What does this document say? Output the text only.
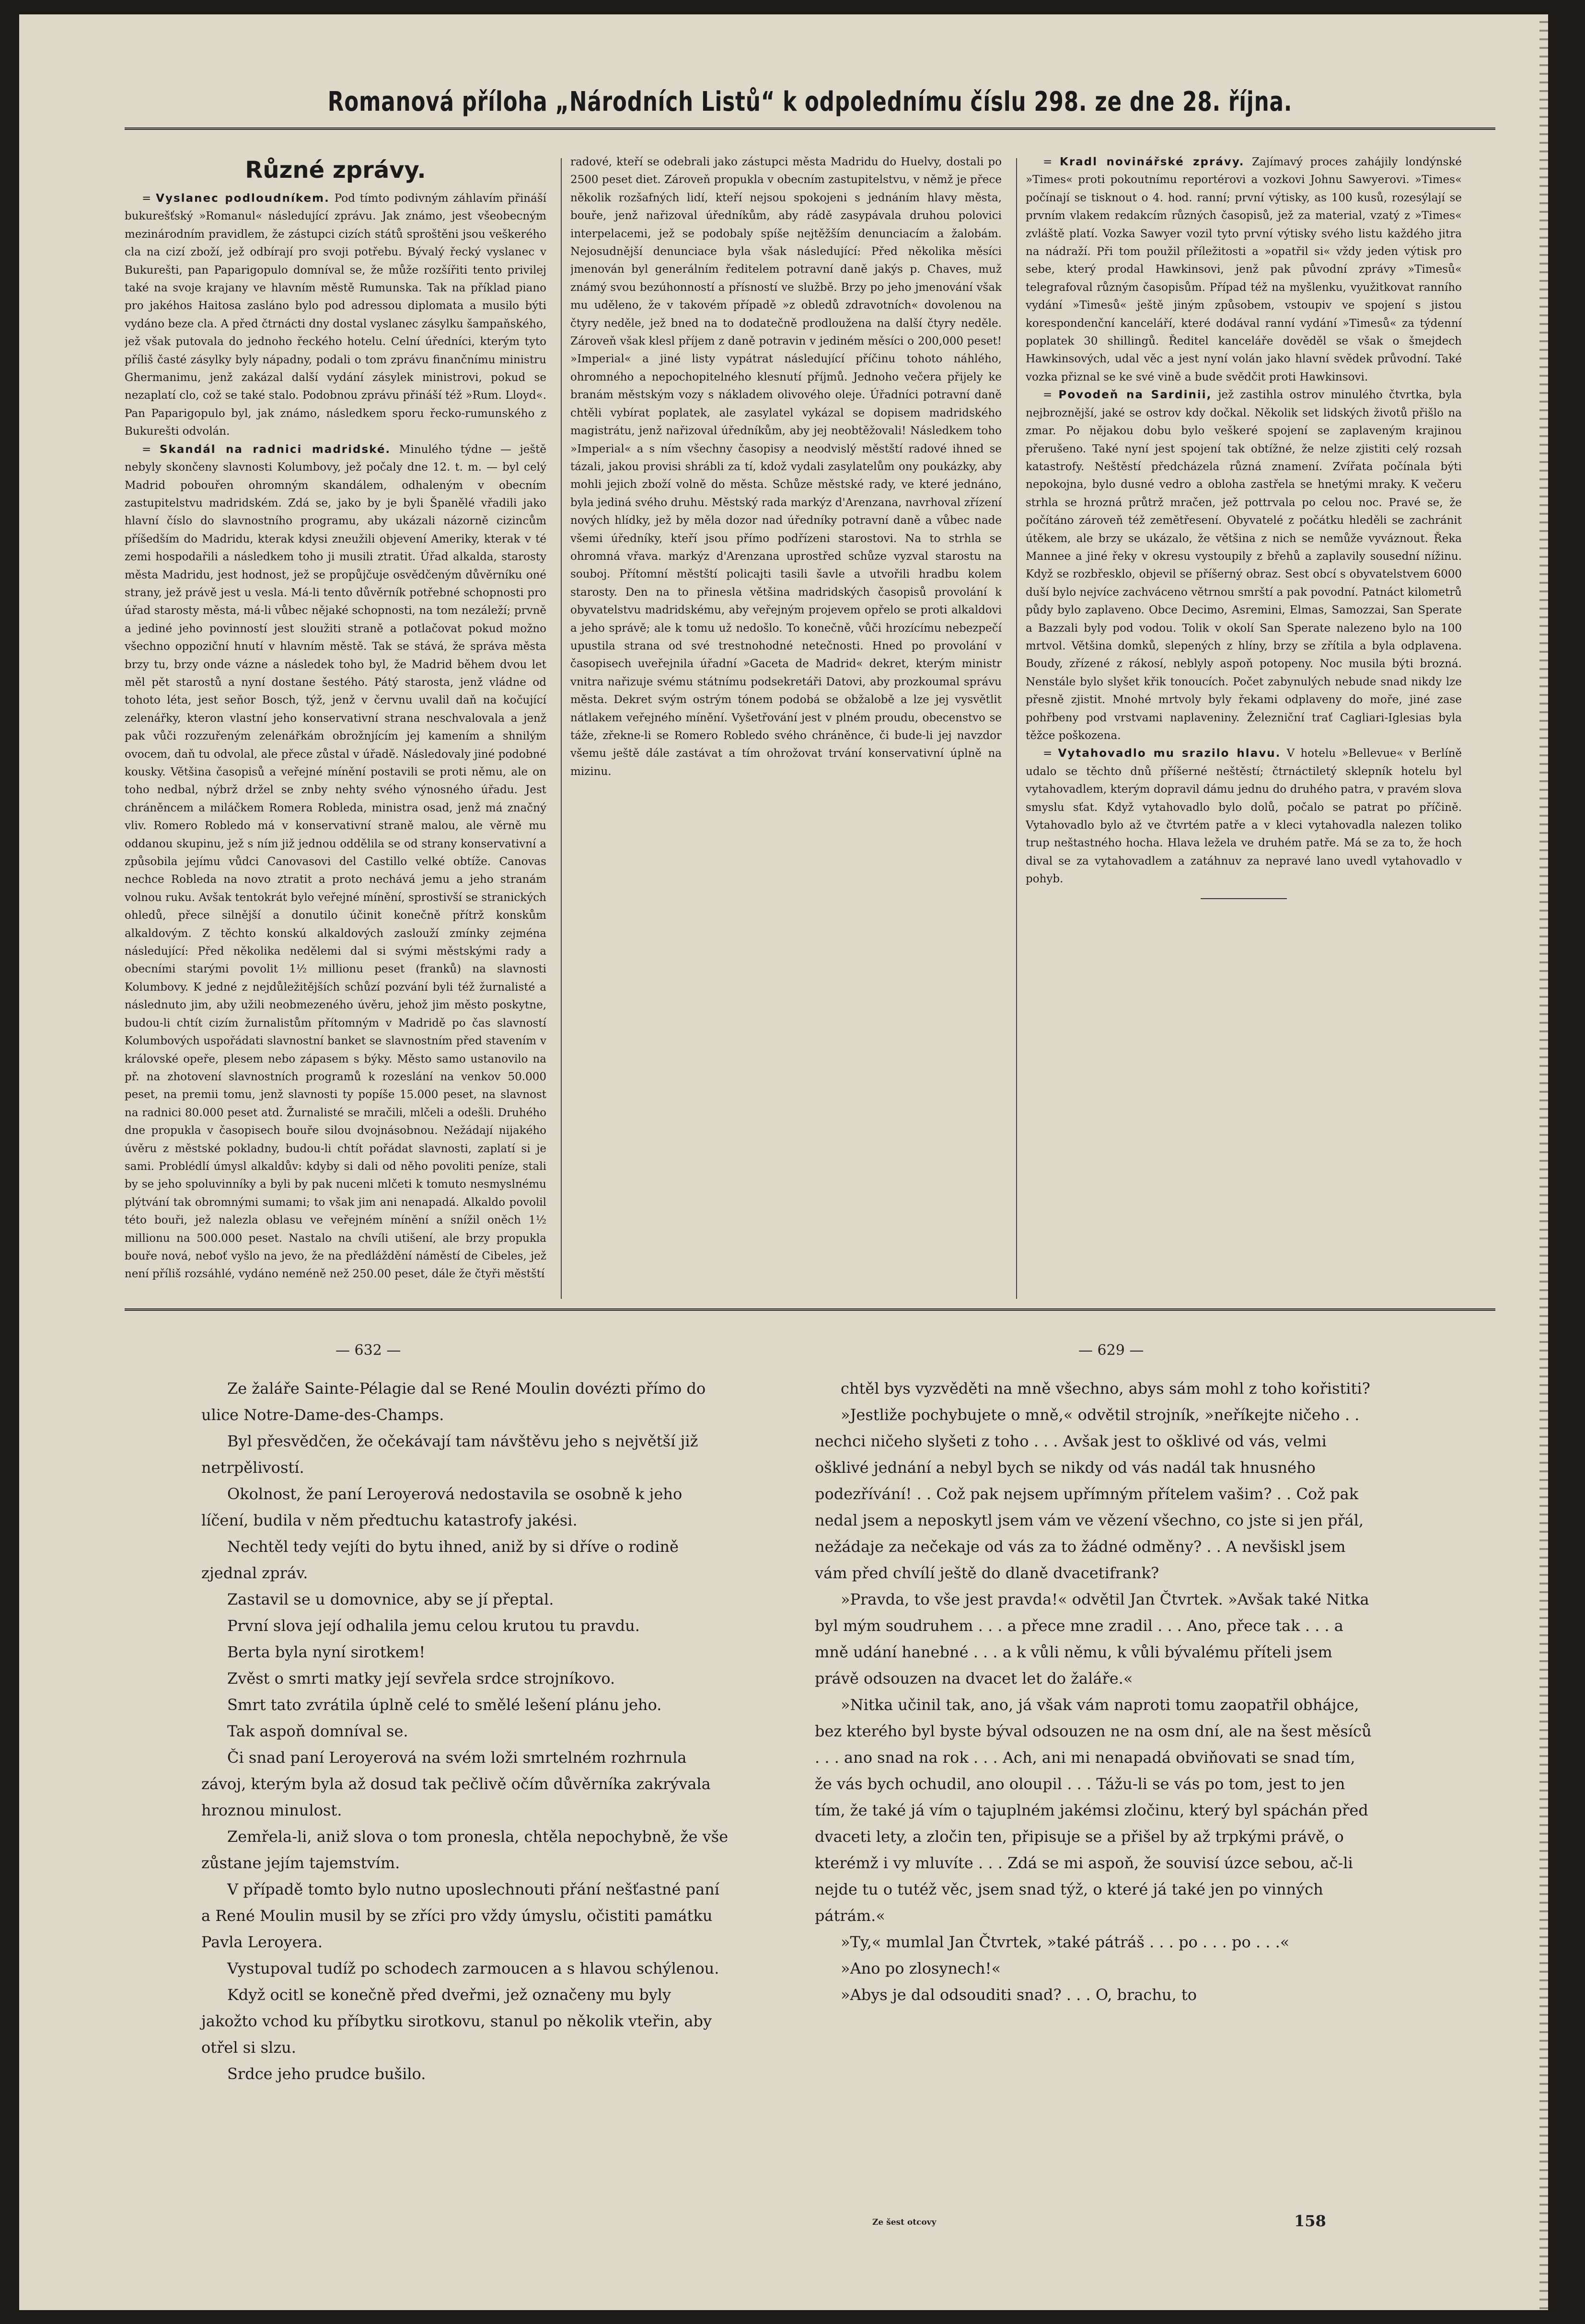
Romanová příloha „Národních Listů“ k odpolednímu číslu 298. ze dne 28. října.
Různé zprávy.

= Vyslanec podloudníkem. Pod tímto podivným záhlavím přináší bukurešťský »Romanul« následující zprávu. Jak známo, jest všeobecným mezinárodním pravidlem, že zástupci cizích států sproštěni jsou veškerého cla na cizí zboží, jež odbírají pro svoji potřebu. Bývalý řecký vyslanec v Bukurešti, pan Paparigopulo domníval se, že může rozšířiti tento privilej také na svoje krajany ve hlavním městě Rumunska. Tak na příklad piano pro jakéhos Haitosa zasláno bylo pod adressou diplomata a musilo býti vydáno beze cla. A před čtrnácti dny dostal vyslanec zásylku šampaňského, jež však putovala do jednoho řeckého hotelu. Celní úředníci, kterým tyto příliš časté zásylky byly nápadny, podali o tom zprávu finančnímu ministru Ghermanimu, jenž zakázal další vydání zásylek ministrovi, pokud se nezaplatí clo, což se také stalo. Podobnou zprávu přináší též »Rum. Lloyd«. Pan Paparigopulo byl, jak známo, následkem sporu řecko-rumunského z Bukurešti odvolán.

= Skandál na radnici madridské. Minulého týdne — ještě nebyly skončeny slavnosti Kolumbovy, jež počaly dne 12. t. m. — byl celý Madrid pobouřen ohromným skandálem, odhaleným v obecním zastupitelstvu madridském. Zdá se, jako by je byli Španělé vřadili jako hlavní číslo do slavnostního programu, aby ukázali názorně cizincům příšedším do Madridu, kterak kdysi zneužili objevení Ameriky, kterak v té zemi hospodařili a následkem toho ji musili ztratit. Úřad alkalda, starosty města Madridu, jest hodnost, jež se propůjčuje osvědčeným důvěrníku oné strany, jež právě jest u vesla. Má-li tento důvěrník potřebné schopnosti pro úřad starosty města, má-li vůbec nějaké schopnosti, na tom nezáleží; prvně a jediné jeho povinností jest sloužiti straně a potlačovat pokud možno všechno oppoziční hnutí v hlavním městě. Tak se stává, že správa města brzy tu, brzy onde vázne a následek toho byl, že Madrid během dvou let měl pět starostů a nyní dostane šestého. Pátý starosta, jenž vládne od tohoto léta, jest seňor Bosch, týž, jenž v červnu uvalil daň na kočující zelenářky, kteron vlastní jeho konservativní strana neschvalovala a jenž pak vůči rozzuřeným zelenářkám obrožnjícím jej kamením a shnilým ovocem, daň tu odvolal, ale přece zůstal v úřadě. Následovaly jiné podobné kousky. Většina časopisů a veřejné mínění postavili se proti němu, ale on toho nedbal, nýbrž držel se znby nehty svého výnosného úřadu. Jest chráněncem a miláčkem Romera Robleda, ministra osad, jenž má značný vliv. Romero Robledo má v konservativní straně malou, ale věrně mu oddanou skupinu, jež s ním již jednou oddělila se od strany konservativní a způsobila jejímu vůdci Canovasovi del Castillo velké obtíže. Canovas nechce Robleda na novo ztratit a proto nechává jemu a jeho stranám volnou ruku. Avšak tentokrát bylo veřejné mínění, sprostivší se stranických ohledů, přece silnější a donutilo účinit konečně přítrž konskům alkaldovým. Z těchto konskú alkaldových zaslouží zmínky zejména následující: Před několika nedělemi dal si svými městskými rady a obecními starými povolit 1½ millionu peset (franků) na slavnosti Kolumbovy. K jedné z nejdůležitějších schůzí pozvání byli též žurnalisté a následnuto jim, aby užili neobmezeného úvěru, jehož jim město poskytne, budou-li chtít cizím žurnalistům přítomným v Madridě po čas slavností Kolumbových uspořádati slavnostní banket se slavnostním před stavením v královské opeře, plesem nebo zápasem s býky. Město samo ustanovilo na př. na zhotovení slavnostních programů k rozeslání na venkov 50.000 peset, na premii tomu, jenž slavnosti ty popíše 15.000 peset, na slavnost na radnici 80.000 peset atd. Žurnalisté se mračili, mlčeli a odešli. Druhého dne propukla v časopisech bouře silou dvojnásobnou. Nežádají nijakého úvěru z městské pokladny, budou-li chtít pořádat slavnosti, zaplatí si je sami. Problédlí úmysl alkaldův: kdyby si dali od něho povoliti peníze, stali by se jeho spoluvinníky a byli by pak nuceni mlčeti k tomuto nesmyslnému plýtvání tak obromnými sumami; to však jim ani nenapadá. Alkaldo povolil této bouři, jež nalezla oblasu ve veřejném mínění a snížil oněch 1½ millionu na 500.000 peset. Nastalo na chvíli utišení, ale brzy propukla bouře nová, neboť vyšlo na jevo, že na předláždění náměstí de Cibeles, jež není příliš rozsáhlé, vydáno neméně než 250.00 peset, dále že čtyři městští

radové, kteří se odebrali jako zástupci města Madridu do Huelvy, dostali po 2500 peset diet. Zároveň propukla v obecním zastupitelstvu, v němž je přece několik rozšafných lidí, kteří nejsou spokojeni s jednáním hlavy města, bouře, jenž nařizoval úředníkům, aby rádě zasypávala druhou polovici interpelacemi, jež se podobaly spíše nejtěžším denunciacím a žalobám. Nejosudnější denunciace byla však následující: Před několika měsíci jmenován byl generálním ředitelem potravní daně jakýs p. Chaves, muž známý svou bezúhonností a přísností ve službě. Brzy po jeho jmenování však mu uděleno, že v takovém případě »z obledů zdravotních« dovolenou na čtyry neděle, jež bned na to dodatečně prodloužena na další čtyry neděle. Zároveň však klesl příjem z daně potravin v jediném měsíci o 200,000 peset! »Imperial« a jiné listy vypátrat následující příčinu tohoto náhlého, ohromného a nepochopitelného klesnutí příjmů. Jednoho večera přijely ke branám městským vozy s nákladem olivového oleje. Úřadníci potravní daně chtěli vybírat poplatek, ale zasylatel vykázal se dopisem madridského magistrátu, jenž nařizoval úředníkům, aby jej neobtěžovali! Následkem toho »Imperial« a s ním všechny časopisy a neodvislý městští radové ihned se tázali, jakou provisi shrábli za tí, kdož vydali zasylatelům ony poukázky, aby mohli jejich zboží volně do města. Schůze městské rady, ve které jednáno, byla jediná svého druhu. Městský rada markýz d'Arenzana, navrhoval zřízení nových hlídky, jež by měla dozor nad úředníky potravní daně a vůbec nade všemi úředníky, kteří jsou přímo podřízeni starostovi. Na to strhla se ohromná vřava. markýz d'Arenzana uprostřed schůze vyzval starostu na souboj. Přítomní městští policajti tasili šavle a utvořili hradbu kolem starosty. Den na to přinesla většina madridských časopisů provolání k obyvatelstvu madridskému, aby veřejným projevem opřelo se proti alkaldovi a jeho správě; ale k tomu už nedošlo. To konečně, vůči hrozícímu nebezpečí upustila strana od své trestnohodné netečnosti. Hned po provolání v časopisech uveřejnila úřadní »Gaceta de Madrid« dekret, kterým ministr vnitra nařizuje svému státnímu podsekretáři Datovi, aby prozkoumal správu města. Dekret svým ostrým tónem podobá se obžalobě a lze jej vysvětlit nátlakem veřejného mínění. Vyšetřování jest v plném proudu, obecenstvo se táže, zřekne-li se Romero Robledo svého chráněnce, či bude-li jej navzdor všemu ještě dále zastávat a tím ohrožovat trvání konservativní úplně na mizinu.

= Kradl novinářské zprávy. Zajímavý proces zahájily londýnské »Times« proti pokoutnímu reportérovi a vozkovi Johnu Sawyerovi. »Times« počínají se tisknout o 4. hod. ranní; první výtisky, as 100 kusů, rozesýlají se prvním vlakem redakcím různých časopisů, jež za material, vzatý z »Times« zvláště platí. Vozka Sawyer vozil tyto první výtisky svého listu každého jitra na nádraží. Při tom použil příležitosti a »opatřil si« vždy jeden výtisk pro sebe, který prodal Hawkinsovi, jenž pak původní zprávy »Timesů« telegrafoval různým časopisům. Případ též na myšlenku, využitkovat ranního vydání »Timesů« ještě jiným způsobem, vstoupiv ve spojení s jistou korespondenční kanceláří, které dodával ranní vydání »Timesů« za týdenní poplatek 30 shillingů. Ředitel kanceláře dověděl se však o šmejdech Hawkinsových, udal věc a jest nyní volán jako hlavní svědek průvodní. Také vozka přiznal se ke své vině a bude svědčit proti Hawkinsovi.

= Povodeň na Sardinii, jež zastihla ostrov minulého čtvrtka, byla nejbroznější, jaké se ostrov kdy dočkal. Několik set lidských životů přišlo na zmar. Po nějakou dobu bylo veškeré spojení se zaplaveným krajinou přerušeno. Také nyní jest spojení tak obtížné, že nelze zjistiti celý rozsah katastrofy. Neštěstí předcházela různá znamení. Zvířata počínala býti nepokojna, bylo dusné vedro a obloha zastřela se hnetými mraky. K večeru strhla se hrozná průtrž mračen, jež pottrvala po celou noc. Pravé se, že počítáno zároveň též zemětřesení. Obyvatelé z počátku hleděli se zachránit útěkem, ale brzy se ukázalo, že většina z nich se nemůže vyváznout. Řeka Mannee a jiné řeky v okresu vystoupily z břehů a zaplavily sousední nížinu. Když se rozbřesklo, objevil se příšerný obraz. Sest obcí s obyvatelstvem 6000 duší bylo nejvíce zachváceno větrnou smrští a pak povodní. Patnáct kilometrů půdy bylo zaplaveno. Obce Decimo, Asremini, Elmas, Samozzai, San Sperate a Bazzali byly pod vodou. Tolik v okolí San Sperate nalezeno bylo na 100 mrtvol. Většina domků, slepených z hlíny, brzy se zřítila a byla odplavena. Boudy, zřízené z rákosí, neblyly aspoň potopeny. Noc musila býti brozná. Nenstále bylo slyšet křik tonoucích. Počet zabynulých nebude snad nikdy lze přesně zjistit. Mnohé mrtvoly byly řekami odplaveny do moře, jiné zase pohřbeny pod vrstvami naplaveniny. Železniční trať Cagliari-Iglesias byla těžce poškozena.

= Vytahovadlo mu srazilo hlavu. V hotelu »Bellevue« v Berlíně udalo se těchto dnů příšerné neštěstí; čtrnáctiletý sklepník hotelu byl vytahovadlem, kterým dopravil dámu jednu do druhého patra, v pravém slova smyslu sťat. Když vytahovadlo bylo dolů, počalo se patrat po příčině. Vytahovadlo bylo až ve čtvrtém patře a v kleci vytahovadla nalezen toliko trup neštastného hocha. Hlava ležela ve druhém patře. Má se za to, že hoch dival se za vytahovadlem a zatáhnuv za nepravé lano uvedl vytahovadlo v pohyb.

— 632 —	— 629 —

Ze žaláře Sainte-Pélagie dal se René Moulin dovézti přímo do ulice Notre-Dame-des-Champs.

Byl přesvědčen, že očekávají tam návštěvu jeho s největší již netrpělivostí.

Okolnost, že paní Leroyerová nedostavila se osobně k jeho líčení, budila v něm předtuchu katastrofy jakési.

Nechtěl tedy vejíti do bytu ihned, aniž by si dříve o rodině zjednal zpráv.

Zastavil se u domovnice, aby se jí přeptal.

První slova její odhalila jemu celou krutou tu pravdu.

Berta byla nyní sirotkem!

Zvěst o smrti matky její sevřela srdce strojníkovo.

Smrt tato zvrátila úplně celé to smělé lešení plánu jeho.

Tak aspoň domníval se.

Či snad paní Leroyerová na svém loži smrtelném rozhrnula závoj, kterým byla až dosud tak pečlivě očím důvěrníka zakrývala hroznou minulost.

Zemřela-li, aniž slova o tom pronesla, chtěla nepochybně, že vše zůstane jejím tajemstvím.

V případě tomto bylo nutno uposlechnouti přání nešťastné paní a René Moulin musil by se zříci pro vždy úmyslu, očistiti památku Pavla Leroyera.

Vystupoval tudíž po schodech zarmoucen a s hlavou schýlenou.

Když ocitl se konečně před dveřmi, jež označeny mu byly jakožto vchod ku příbytku sirotkovu, stanul po několik vteřin, aby otřel si slzu.

Srdce jeho prudce bušilo.

chtěl bys vyzvěděti na mně všechno, abys sám mohl z toho kořistiti?

»Jestliže pochybujete o mně,« odvětil strojník, »neříkejte ničeho . . nechci ničeho slyšeti z toho . . . Avšak jest to ošklivé od vás, velmi ošklivé jednání a nebyl bych se nikdy od vás nadál tak hnusného podezřívání! . . Což pak nejsem upřímným přítelem vašim? . . Což pak nedal jsem a neposkytl jsem vám ve vězení všechno, co jste si jen přál, nežádaje za nečekaje od vás za to žádné odměny? . . A nevšiskl jsem vám před chvílí ještě do dlaně dvacetifrank?

»Pravda, to vše jest pravda!« odvětil Jan Čtvrtek. »Avšak také Nitka byl mým soudruhem . . . a přece mne zradil . . . Ano, přece tak . . . a mně udání hanebné . . . a k vůli němu, k vůli bývalému příteli jsem právě odsouzen na dvacet let do žaláře.«

»Nitka učinil tak, ano, já však vám naproti tomu zaopatřil obhájce, bez kterého byl byste býval odsouzen ne na osm dní, ale na šest měsíců . . . ano snad na rok . . . Ach, ani mi nenapadá obviňovati se snad tím, že vás bych ochudil, ano oloupil . . . Tážu-li se vás po tom, jest to jen tím, že také já vím o tajuplném jakémsi zločinu, který byl spáchán před dvaceti lety, a zločin ten, připisuje se a přišel by až trpkými právě, o kterémž i vy mluvíte . . . Zdá se mi aspoň, že souvisí úzce sebou, ač-li nejde tu o tutéž věc, jsem snad týž, o které já také jen po vinných pátrám.«

»Ty,« mumlal Jan Čtvrtek, »také pátráš . . . po . . . po . . .«

»Ano po zlosynech!«

»Abys je dal odsouditi snad? . . . O, brachu, to

Ze šest otcovy	158
